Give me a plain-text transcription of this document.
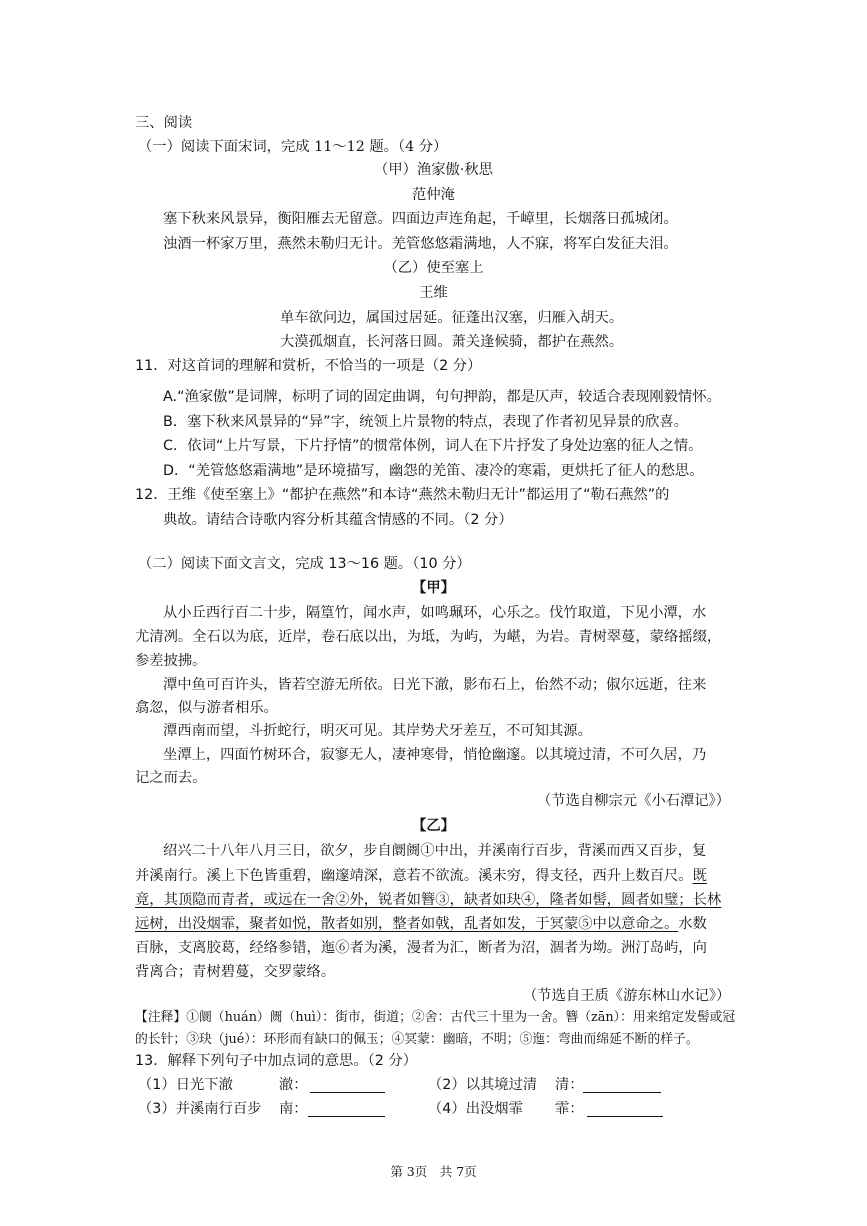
三、阅读
（一）阅读下面宋词，完成 11～12 题。（4 分）
（甲）渔家傲·秋思
范仲淹
塞下秋来风景异，衡阳雁去无留意。四面边声连角起，千嶂里，长烟落日孤城闭。
浊酒一杯家万里，燕然未勒归无计。羌管悠悠霜满地，人不寐，将军白发征夫泪。
（乙）使至塞上
王维
单车欲问边，属国过居延。征蓬出汉塞，归雁入胡天。
大漠孤烟直，长河落日圆。萧关逢候骑，都护在燕然。
11．对这首词的理解和赏析，不恰当的一项是（2 分）
A.“渔家傲”是词牌，标明了词的固定曲调，句句押韵，都是仄声，较适合表现刚毅情怀。
B．塞下秋来风景异的“异”字，统领上片景物的特点，表现了作者初见异景的欣喜。
C．依词“上片写景，下片抒情”的惯常体例，词人在下片抒发了身处边塞的征人之情。
D．“羌管悠悠霜满地”是环境描写，幽怨的羌笛、凄冷的寒霜，更烘托了征人的愁思。
12．王维《使至塞上》“都护在燕然”和本诗“燕然未勒归无计”都运用了“勒石燕然”的
典故。请结合诗歌内容分析其蕴含情感的不同。（2 分）
（二）阅读下面文言文，完成 13～16 题。（10 分）
【甲】
从小丘西行百二十步，隔篁竹，闻水声，如鸣珮环，心乐之。伐竹取道，下见小潭，水
尤清冽。全石以为底，近岸，卷石底以出，为坻，为屿，为嵁，为岩。青树翠蔓，蒙络摇缀，
参差披拂。
潭中鱼可百许头，皆若空游无所依。日光下澈，影布石上，佁然不动；俶尔远逝，往来
翕忽，似与游者相乐。
潭西南而望，斗折蛇行，明灭可见。其岸势犬牙差互，不可知其源。
坐潭上，四面竹树环合，寂寥无人，凄神寒骨，悄怆幽邃。以其境过清，不可久居，乃
记之而去。
（节选自柳宗元《小石潭记》）
【乙】
绍兴二十八年八月三日，欲夕，步自阛阓①中出，并溪南行百步，背溪而西又百步，复
并溪南行。溪上下色皆重碧，幽邃靖深，意若不欲流。溪未穷，得支径，西升上数百尺。既
竟，其顶隐而青者，或远在一舍②外，锐者如簪③，缺者如玦④，隆者如髻，圆者如璧；长林
远树，出没烟霏，聚者如悦，散者如别，整者如戟，乱者如发，于冥蒙⑤中以意命之。水数
百脉，支离胶葛，经络参错，迤⑥者为溪，漫者为汇，断者为沼，涸者为坳。洲汀岛屿，向
背离合；青树碧蔓，交罗蒙络。
（节选自王质《游东林山水记》）
【注释】①阛（huán）阓（huì）：街市，街道；②舍：古代三十里为一舍。簪（zān）：用来绾定发髻或冠
的长针；③玦（jué）：环形而有缺口的佩玉；④冥蒙：幽暗，不明；⑤迤：弯曲而绵延不断的样子。
13．解释下列句子中加点词的意思。（2 分）
（1）日光下澈	澈：	（2）以其境过清 清：
（3）并溪南行百步 南：	（4）出没烟霏 霏：
第 3页　共 7页
